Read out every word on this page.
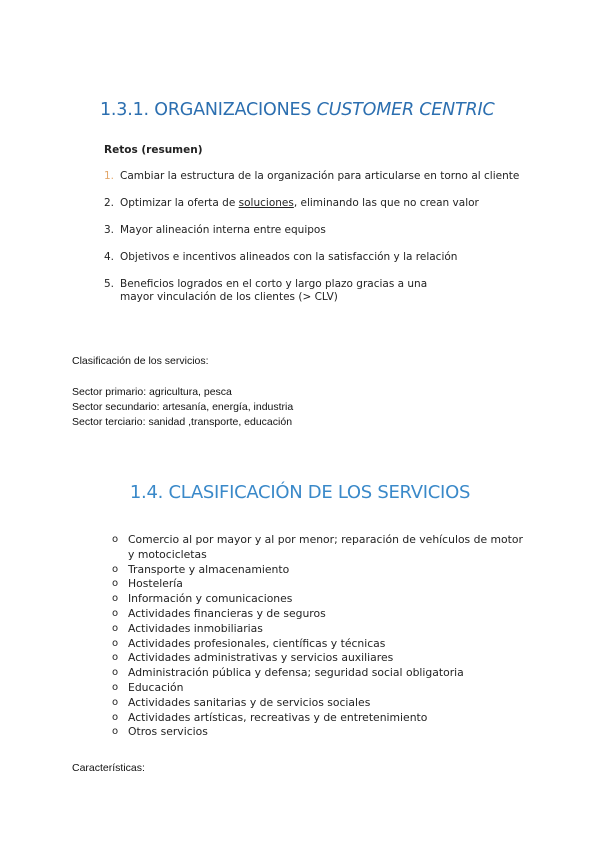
1.3.1. ORGANIZACIONES CUSTOMER CENTRIC
Retos (resumen)
1. Cambiar la estructura de la organización para articularse en torno al cliente
2. Optimizar la oferta de soluciones, eliminando las que no crean valor
3. Mayor alineación interna entre equipos
4. Objetivos e incentivos alineados con la satisfacción y la relación
5. Beneficios logrados en el corto y largo plazo gracias a una mayor vinculación de los clientes (> CLV)
Clasificación de los servicios:
Sector primario: agricultura, pesca
Sector secundario: artesanía, energía, industria
Sector terciario: sanidad ,transporte, educación
1.4. CLASIFICACIÓN DE LOS SERVICIOS
o Comercio al por mayor y al por menor; reparación de vehículos de motor y motocicletas
o Transporte y almacenamiento
o Hostelería
o Información y comunicaciones
o Actividades financieras y de seguros
o Actividades inmobiliarias
o Actividades profesionales, científicas y técnicas
o Actividades administrativas y servicios auxiliares
o Administración pública y defensa; seguridad social obligatoria
o Educación
o Actividades sanitarias y de servicios sociales
o Actividades artísticas, recreativas y de entretenimiento
o Otros servicios
Características:
